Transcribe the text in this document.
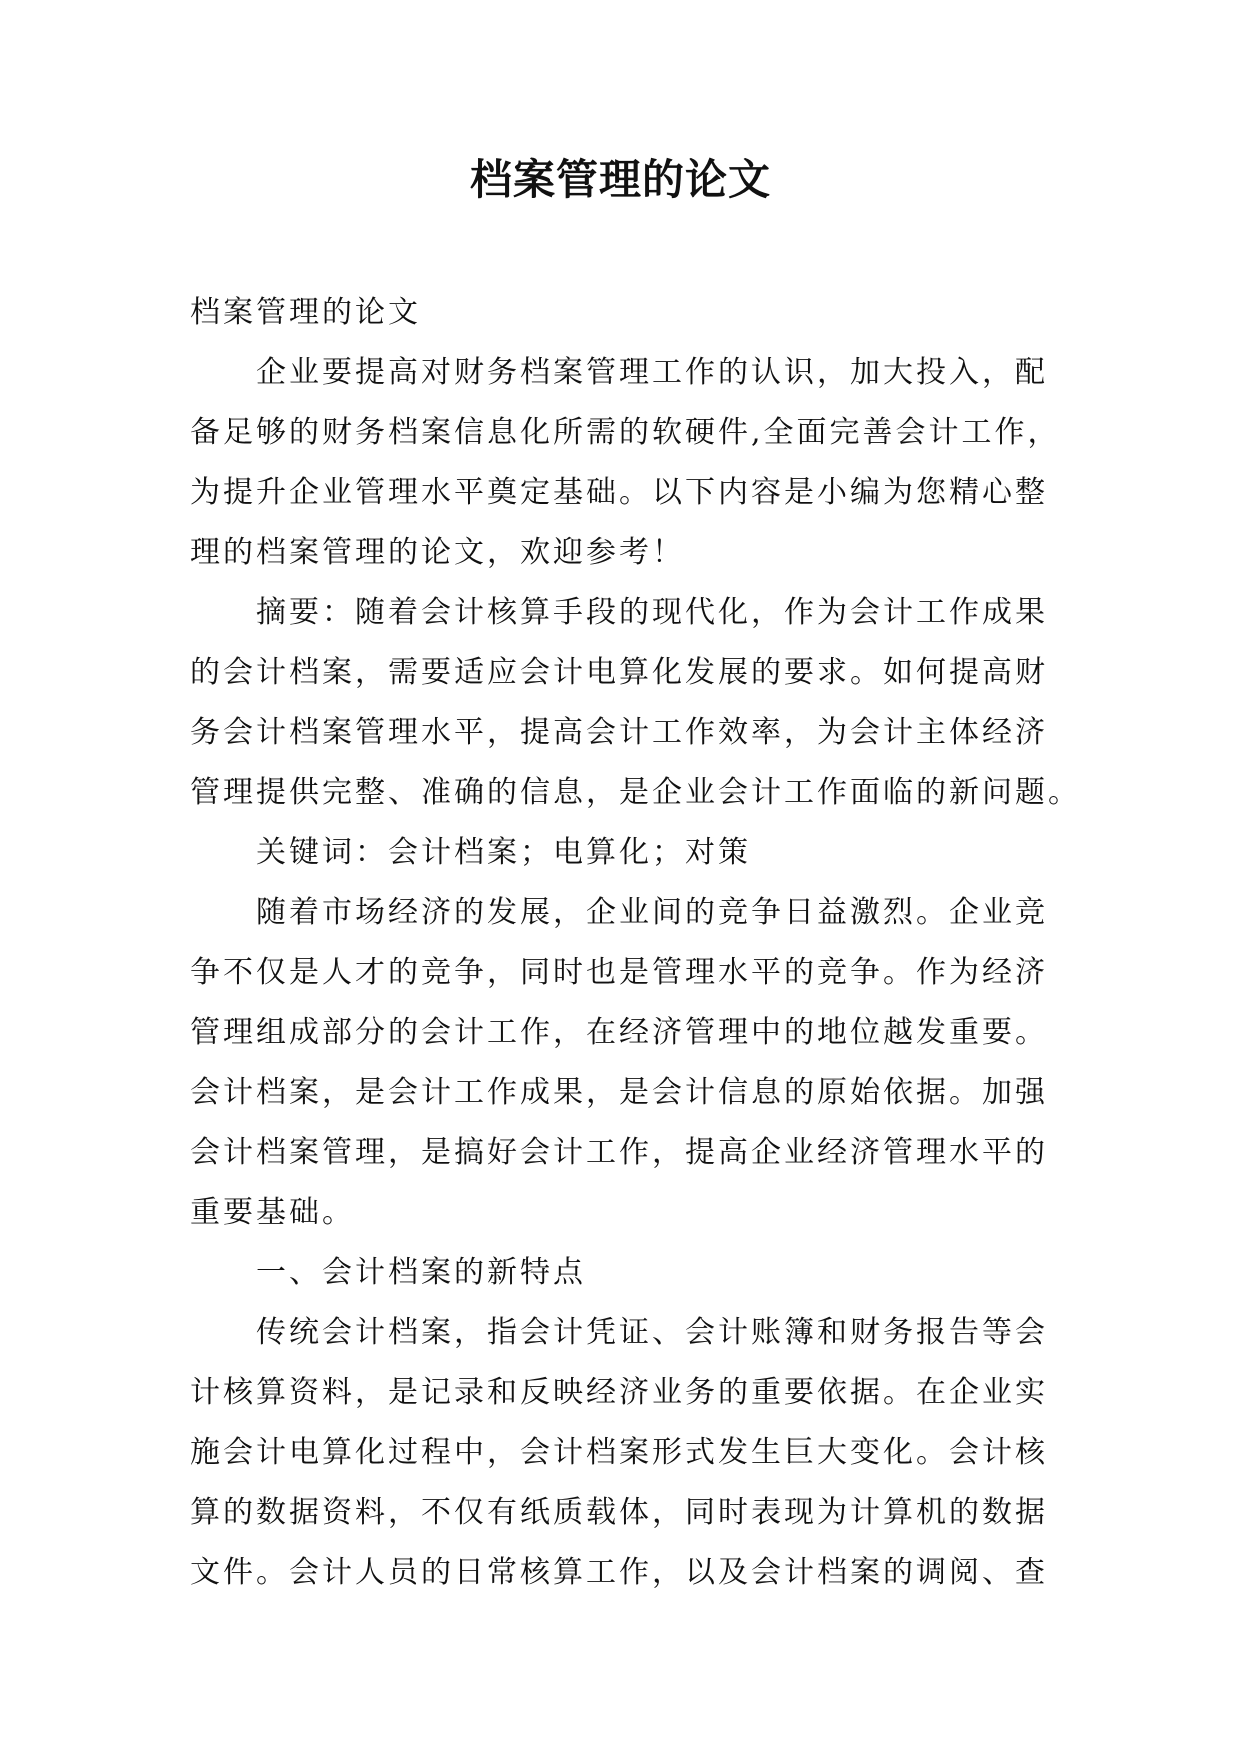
档案管理的论文
档案管理的论文
企业要提高对财务档案管理工作的认识，加大投入，配
备足够的财务档案信息化所需的软硬件,全面完善会计工作，
为提升企业管理水平奠定基础。以下内容是小编为您精心整
理的档案管理的论文，欢迎参考！
摘要：随着会计核算手段的现代化，作为会计工作成果
的会计档案，需要适应会计电算化发展的要求。如何提高财
务会计档案管理水平，提高会计工作效率，为会计主体经济
管理提供完整、准确的信息，是企业会计工作面临的新问题。
关键词：会计档案；电算化；对策
随着市场经济的发展，企业间的竞争日益激烈。企业竞
争不仅是人才的竞争，同时也是管理水平的竞争。作为经济
管理组成部分的会计工作，在经济管理中的地位越发重要。
会计档案，是会计工作成果，是会计信息的原始依据。加强
会计档案管理，是搞好会计工作，提高企业经济管理水平的
重要基础。
一、会计档案的新特点
传统会计档案，指会计凭证、会计账簿和财务报告等会
计核算资料，是记录和反映经济业务的重要依据。在企业实
施会计电算化过程中，会计档案形式发生巨大变化。会计核
算的数据资料，不仅有纸质载体，同时表现为计算机的数据
文件。会计人员的日常核算工作，以及会计档案的调阅、查
